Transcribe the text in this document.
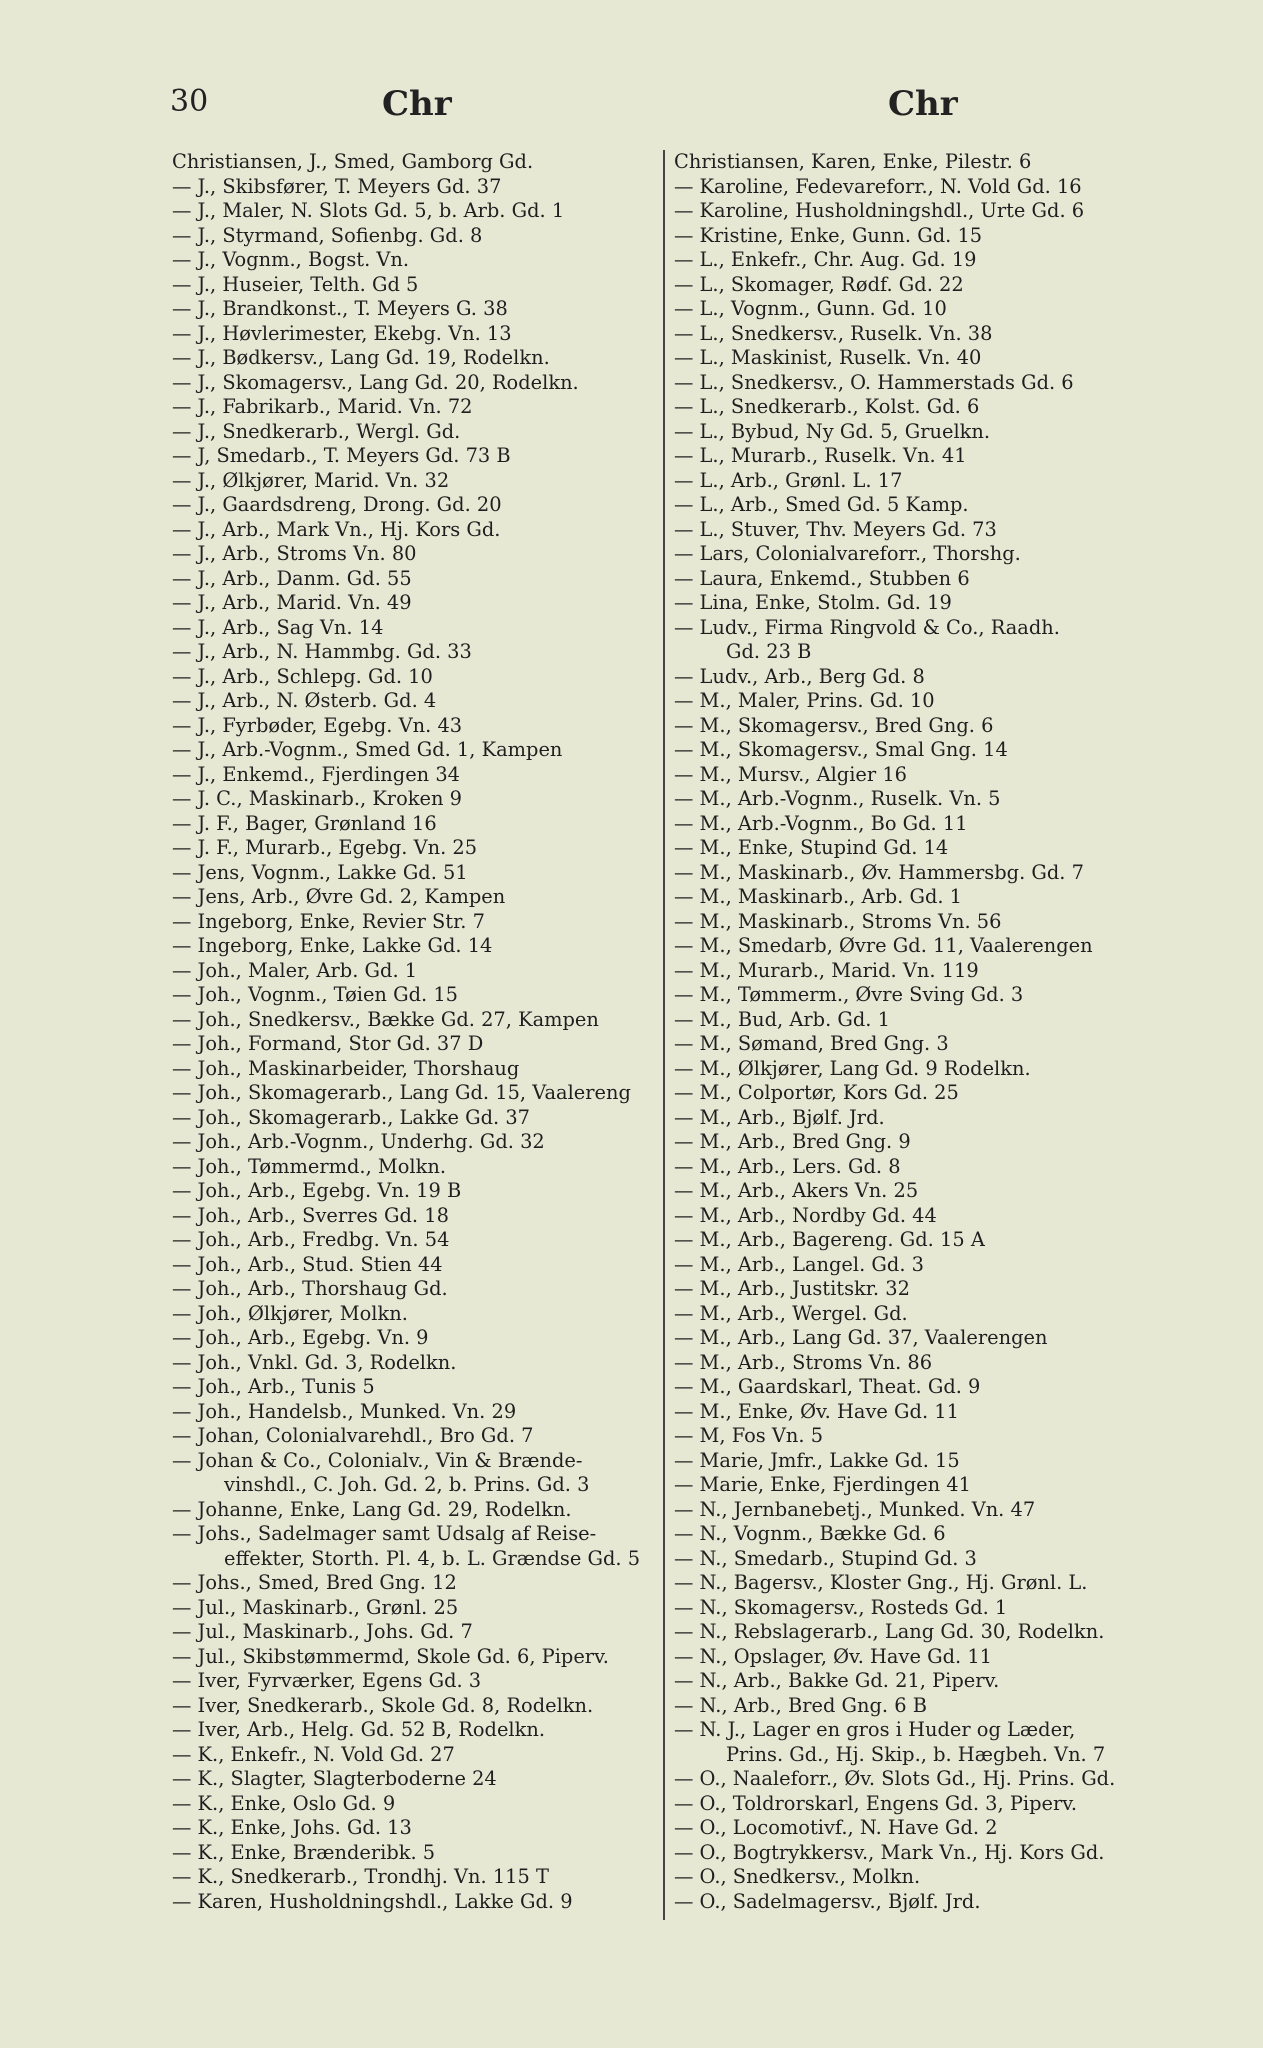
30	Chr	Chr
Christiansen, J., Smed, Gamborg Gd.
— J., Skibsfører, T. Meyers Gd. 37
— J., Maler, N. Slots Gd. 5, b. Arb. Gd. 1
— J., Styrmand, Sofienbg. Gd. 8
— J., Vognm., Bogst. Vn.
— J., Huseier, Telth. Gd 5
— J., Brandkonst., T. Meyers G. 38
— J., Høvlerimester, Ekebg. Vn. 13
— J., Bødkersv., Lang Gd. 19, Rodelkn.
— J., Skomagersv., Lang Gd. 20, Rodelkn.
— J., Fabrikarb., Marid. Vn. 72
— J., Snedkerarb., Wergl. Gd.
— J, Smedarb., T. Meyers Gd. 73 B
— J., Ølkjører, Marid. Vn. 32
— J., Gaardsdreng, Drong. Gd. 20
— J., Arb., Mark Vn., Hj. Kors Gd.
— J., Arb., Stroms Vn. 80
— J., Arb., Danm. Gd. 55
— J., Arb., Marid. Vn. 49
— J., Arb., Sag Vn. 14
— J., Arb., N. Hammbg. Gd. 33
— J., Arb., Schlepg. Gd. 10
— J., Arb., N. Østerb. Gd. 4
— J., Fyrbøder, Egebg. Vn. 43
— J., Arb.-Vognm., Smed Gd. 1, Kampen
— J., Enkemd., Fjerdingen 34
— J. C., Maskinarb., Kroken 9
— J. F., Bager, Grønland 16
— J. F., Murarb., Egebg. Vn. 25
— Jens, Vognm., Lakke Gd. 51
— Jens, Arb., Øvre Gd. 2, Kampen
— Ingeborg, Enke, Revier Str. 7
— Ingeborg, Enke, Lakke Gd. 14
— Joh., Maler, Arb. Gd. 1
— Joh., Vognm., Tøien Gd. 15
— Joh., Snedkersv., Bække Gd. 27, Kampen
— Joh., Formand, Stor Gd. 37 D
— Joh., Maskinarbeider, Thorshaug
— Joh., Skomagerarb., Lang Gd. 15, Vaalereng
— Joh., Skomagerarb., Lakke Gd. 37
— Joh., Arb.-Vognm., Underhg. Gd. 32
— Joh., Tømmermd., Molkn.
— Joh., Arb., Egebg. Vn. 19 B
— Joh., Arb., Sverres Gd. 18
— Joh., Arb., Fredbg. Vn. 54
— Joh., Arb., Stud. Stien 44
— Joh., Arb., Thorshaug Gd.
— Joh., Ølkjører, Molkn.
— Joh., Arb., Egebg. Vn. 9
— Joh., Vnkl. Gd. 3, Rodelkn.
— Joh., Arb., Tunis 5
— Joh., Handelsb., Munked. Vn. 29
— Johan, Colonialvarehdl., Bro Gd. 7
— Johan & Co., Colonialv., Vin & Brænde-
vinshdl., C. Joh. Gd. 2, b. Prins. Gd. 3
— Johanne, Enke, Lang Gd. 29, Rodelkn.
— Johs., Sadelmager samt Udsalg af Reise-
effekter, Storth. Pl. 4, b. L. Grændse Gd. 5
— Johs., Smed, Bred Gng. 12
— Jul., Maskinarb., Grønl. 25
— Jul., Maskinarb., Johs. Gd. 7
— Jul., Skibstømmermd, Skole Gd. 6, Piperv.
— Iver, Fyrværker, Egens Gd. 3
— Iver, Snedkerarb., Skole Gd. 8, Rodelkn.
— Iver, Arb., Helg. Gd. 52 B, Rodelkn.
— K., Enkefr., N. Vold Gd. 27
— K., Slagter, Slagterboderne 24
— K., Enke, Oslo Gd. 9
— K., Enke, Johs. Gd. 13
— K., Enke, Brænderibk. 5
— K., Snedkerarb., Trondhj. Vn. 115 T
— Karen, Husholdningshdl., Lakke Gd. 9
Christiansen, Karen, Enke, Pilestr. 6
— Karoline, Fedevareforr., N. Vold Gd. 16
— Karoline, Husholdningshdl., Urte Gd. 6
— Kristine, Enke, Gunn. Gd. 15
— L., Enkefr., Chr. Aug. Gd. 19
— L., Skomager, Rødf. Gd. 22
— L., Vognm., Gunn. Gd. 10
— L., Snedkersv., Ruselk. Vn. 38
— L., Maskinist, Ruselk. Vn. 40
— L., Snedkersv., O. Hammerstads Gd. 6
— L., Snedkerarb., Kolst. Gd. 6
— L., Bybud, Ny Gd. 5, Gruelkn.
— L., Murarb., Ruselk. Vn. 41
— L., Arb., Grønl. L. 17
— L., Arb., Smed Gd. 5 Kamp.
— L., Stuver, Thv. Meyers Gd. 73
— Lars, Colonialvareforr., Thorshg.
— Laura, Enkemd., Stubben 6
— Lina, Enke, Stolm. Gd. 19
— Ludv., Firma Ringvold & Co., Raadh.
Gd. 23 B
— Ludv., Arb., Berg Gd. 8
— M., Maler, Prins. Gd. 10
— M., Skomagersv., Bred Gng. 6
— M., Skomagersv., Smal Gng. 14
— M., Mursv., Algier 16
— M., Arb.-Vognm., Ruselk. Vn. 5
— M., Arb.-Vognm., Bo Gd. 11
— M., Enke, Stupind Gd. 14
— M., Maskinarb., Øv. Hammersbg. Gd. 7
— M., Maskinarb., Arb. Gd. 1
— M., Maskinarb., Stroms Vn. 56
— M., Smedarb, Øvre Gd. 11, Vaalerengen
— M., Murarb., Marid. Vn. 119
— M., Tømmerm., Øvre Sving Gd. 3
— M., Bud, Arb. Gd. 1
— M., Sømand, Bred Gng. 3
— M., Ølkjører, Lang Gd. 9 Rodelkn.
— M., Colportør, Kors Gd. 25
— M., Arb., Bjølf. Jrd.
— M., Arb., Bred Gng. 9
— M., Arb., Lers. Gd. 8
— M., Arb., Akers Vn. 25
— M., Arb., Nordby Gd. 44
— M., Arb., Bagereng. Gd. 15 A
— M., Arb., Langel. Gd. 3
— M., Arb., Justitskr. 32
— M., Arb., Wergel. Gd.
— M., Arb., Lang Gd. 37, Vaalerengen
— M., Arb., Stroms Vn. 86
— M., Gaardskarl, Theat. Gd. 9
— M., Enke, Øv. Have Gd. 11
— M, Fos Vn. 5
— Marie, Jmfr., Lakke Gd. 15
— Marie, Enke, Fjerdingen 41
— N., Jernbanebetj., Munked. Vn. 47
— N., Vognm., Bække Gd. 6
— N., Smedarb., Stupind Gd. 3
— N., Bagersv., Kloster Gng., Hj. Grønl. L.
— N., Skomagersv., Rosteds Gd. 1
— N., Rebslagerarb., Lang Gd. 30, Rodelkn.
— N., Opslager, Øv. Have Gd. 11
— N., Arb., Bakke Gd. 21, Piperv.
— N., Arb., Bred Gng. 6 B
— N. J., Lager en gros i Huder og Læder,
Prins. Gd., Hj. Skip., b. Hægbeh. Vn. 7
— O., Naaleforr., Øv. Slots Gd., Hj. Prins. Gd.
— O., Toldrorskarl, Engens Gd. 3, Piperv.
— O., Locomotivf., N. Have Gd. 2
— O., Bogtrykkersv., Mark Vn., Hj. Kors Gd.
— O., Snedkersv., Molkn.
— O., Sadelmagersv., Bjølf. Jrd.
